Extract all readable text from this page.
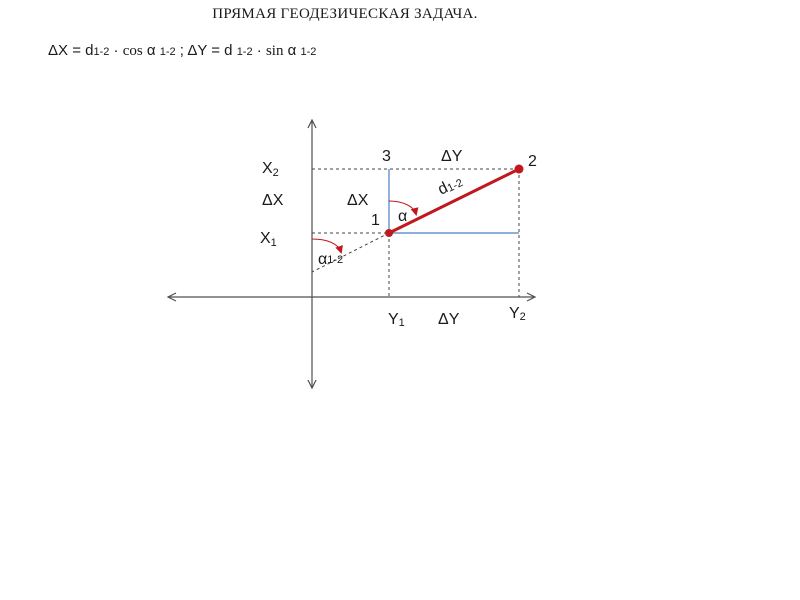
ПРЯМАЯ ГЕОДЕЗИЧЕСКАЯ ЗАДАЧА.
ΔX = d1-2 · cos α 1-2 ; ΔY = d 1-2 · sin α 1-2
X2
ΔX
X1
3	ΔY	2
ΔX
1 α
d1-2
α1-2
Y1 ΔY	Y2
